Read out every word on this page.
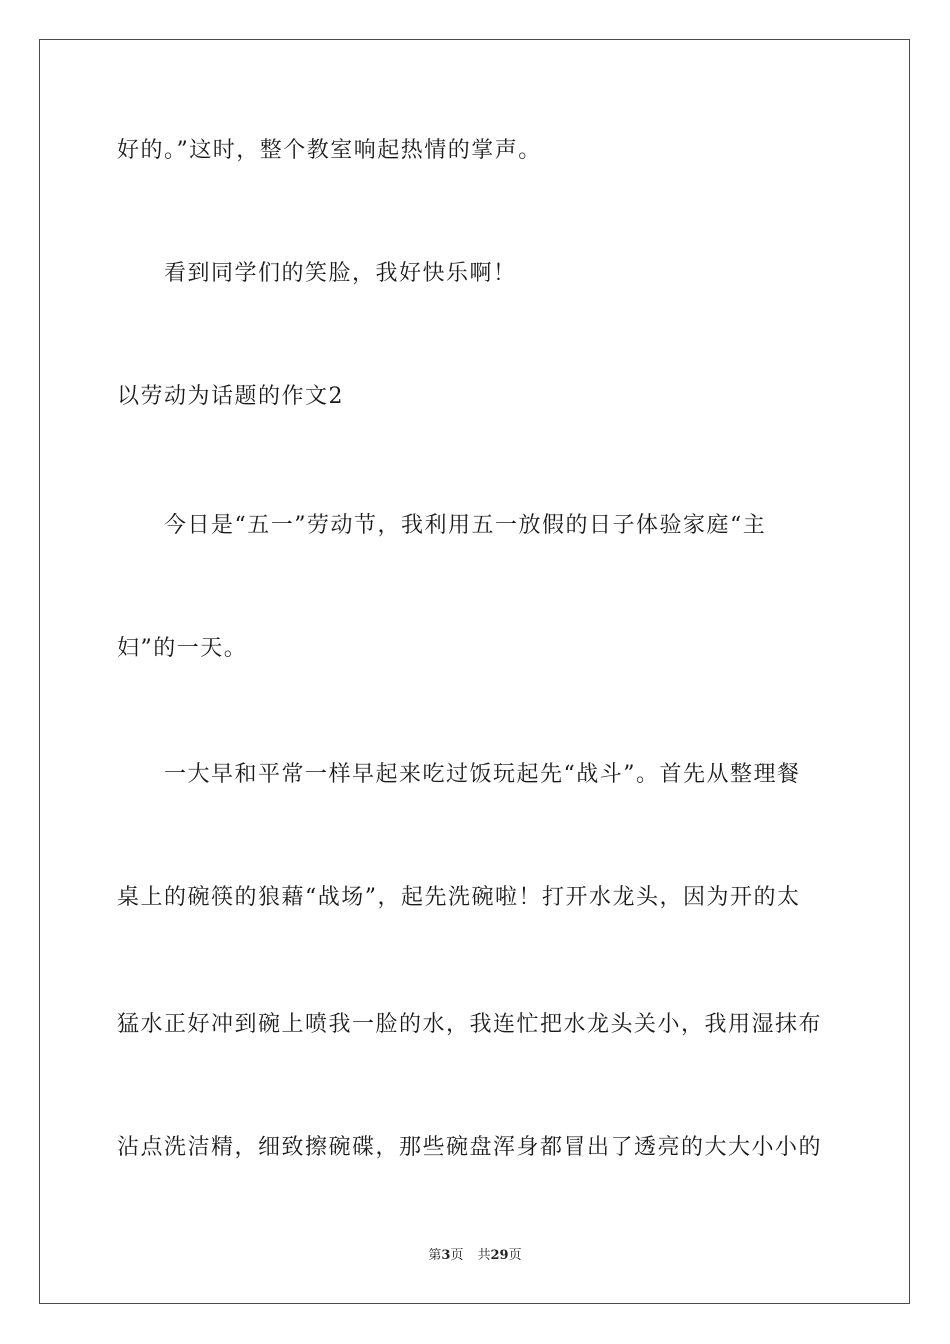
好的。”这时，整个教室响起热情的掌声。
看到同学们的笑脸，我好快乐啊！
以劳动为话题的作文2
今日是“五一”劳动节，我利用五一放假的日子体验家庭“主
妇”的一天。
一大早和平常一样早起来吃过饭玩起先“战斗”。首先从整理餐
桌上的碗筷的狼藉“战场”，起先洗碗啦！打开水龙头，因为开的太
猛水正好冲到碗上喷我一脸的水，我连忙把水龙头关小，我用湿抹布
沾点洗洁精，细致擦碗碟，那些碗盘浑身都冒出了透亮的大大小小的
第3页 共29页
